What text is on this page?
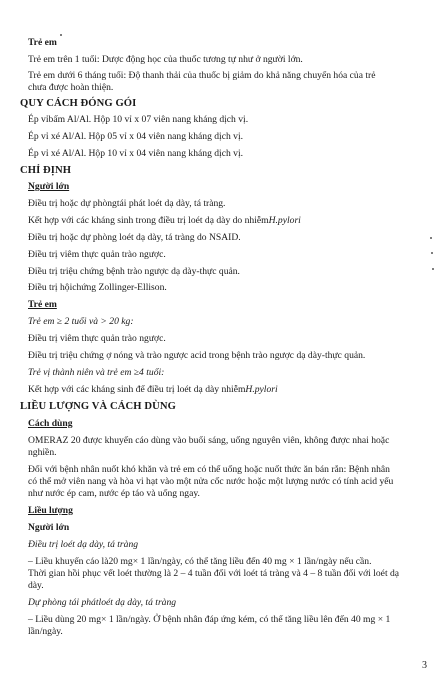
Trẻ em
Trẻ em trên 1 tuổi: Dược động học của thuốc tương tự như ở người lớn.
Trẻ em dưới 6 tháng tuổi: Độ thanh thải của thuốc bị giảm do khả năng chuyển hóa của trẻ
chưa được hoàn thiện.
QUY CÁCH ĐÓNG GÓI
Ép vỉbấm Al/Al. Hộp 10 vỉ x 07 viên nang kháng dịch vị.
Ép vỉ xé Al/Al. Hộp 05 vỉ x 04 viên nang kháng dịch vị.
Ép vỉ xé Al/Al. Hộp 10 vỉ x 04 viên nang kháng dịch vị.
CHỈ ĐỊNH
Người lớn
Điều trị hoặc dự phòngtái phát loét dạ dày, tá tràng.
Kết hợp với các kháng sinh trong điều trị loét dạ dày do nhiễmH.pylori
Điều trị hoặc dự phòng loét dạ dày, tá tràng do NSAID.
Điều trị viêm thực quản trào ngược.
Điều trị triệu chứng bệnh trào ngược dạ dày-thực quản.
Điều trị hộichứng Zollinger-Ellison.
Trẻ em
Trẻ em ≥ 2 tuổi và > 20 kg:
Điều trị viêm thực quản trào ngược.
Điều trị triệu chứng ợ nóng và trào ngược acid trong bệnh trào ngược dạ dày-thực quản.
Trẻ vị thành niên và trẻ em ≥4 tuổi:
Kết hợp với các kháng sinh để điều trị loét dạ dày nhiễmH.pylori
LIỀU LƯỢNG VÀ CÁCH DÙNG
Cách dùng
OMERAZ 20 được khuyến cáo dùng vào buổi sáng, uống nguyên viên, không được nhai hoặc
nghiền.
Đối với bệnh nhân nuốt khó khăn và trẻ em có thể uống hoặc nuốt thức ăn bán rắn: Bệnh nhân
có thể mở viên nang và hòa vi hạt vào một nửa cốc nước hoặc một lượng nước có tính acid yếu
như nước ép cam, nước ép táo và uống ngay.
Liều lượng
Người lớn
Điều trị loét dạ dày, tá tràng
– Liều khuyến cáo là20 mg× 1 lần/ngày, có thể tăng liều đến 40 mg × 1 lần/ngày nếu cần.
Thời gian hồi phục vết loét thường là 2 – 4 tuần đối với loét tá tràng và 4 – 8 tuần đối với loét dạ
dày.
Dự phòng tái phátloét dạ dày, tá tràng
– Liều dùng 20 mg× 1 lần/ngày. Ở bệnh nhân đáp ứng kém, có thể tăng liều lên đến 40 mg × 1
lần/ngày.
3
